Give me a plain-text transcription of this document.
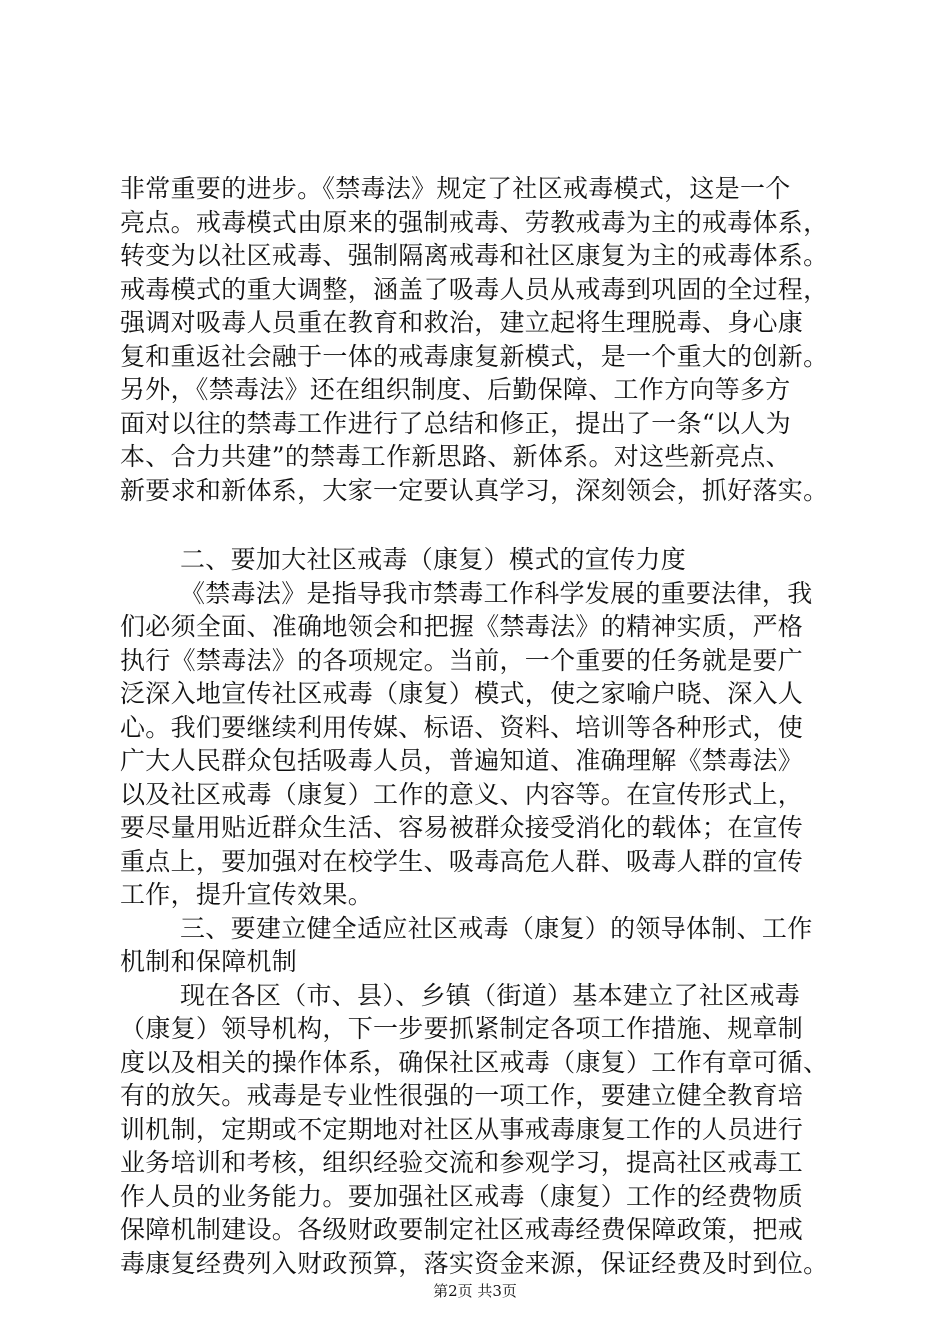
非常重要的进步。《禁毒法》规定了社区戒毒模式，这是一个
亮点。戒毒模式由原来的强制戒毒、劳教戒毒为主的戒毒体系，
转变为以社区戒毒、强制隔离戒毒和社区康复为主的戒毒体系。
戒毒模式的重大调整，涵盖了吸毒人员从戒毒到巩固的全过程，
强调对吸毒人员重在教育和救治，建立起将生理脱毒、身心康
复和重返社会融于一体的戒毒康复新模式，是一个重大的创新。
另外，《禁毒法》还在组织制度、后勤保障、工作方向等多方
面对以往的禁毒工作进行了总结和修正，提出了一条“以人为
本、合力共建”的禁毒工作新思路、新体系。对这些新亮点、
新要求和新体系，大家一定要认真学习，深刻领会，抓好落实。
二、要加大社区戒毒（康复）模式的宣传力度
《禁毒法》是指导我市禁毒工作科学发展的重要法律，我
们必须全面、准确地领会和把握《禁毒法》的精神实质，严格
执行《禁毒法》的各项规定。当前，一个重要的任务就是要广
泛深入地宣传社区戒毒（康复）模式，使之家喻户晓、深入人
心。我们要继续利用传媒、标语、资料、培训等各种形式，使
广大人民群众包括吸毒人员，普遍知道、准确理解《禁毒法》
以及社区戒毒（康复）工作的意义、内容等。在宣传形式上，
要尽量用贴近群众生活、容易被群众接受消化的载体；在宣传
重点上，要加强对在校学生、吸毒高危人群、吸毒人群的宣传
工作，提升宣传效果。
三、要建立健全适应社区戒毒（康复）的领导体制、工作
机制和保障机制
现在各区（市、县）、乡镇（街道）基本建立了社区戒毒
（康复）领导机构，下一步要抓紧制定各项工作措施、规章制
度以及相关的操作体系，确保社区戒毒（康复）工作有章可循、
有的放矢。戒毒是专业性很强的一项工作，要建立健全教育培
训机制，定期或不定期地对社区从事戒毒康复工作的人员进行
业务培训和考核，组织经验交流和参观学习，提高社区戒毒工
作人员的业务能力。要加强社区戒毒（康复）工作的经费物质
保障机制建设。各级财政要制定社区戒毒经费保障政策，把戒
毒康复经费列入财政预算，落实资金来源，保证经费及时到位。
第2页 共3页
